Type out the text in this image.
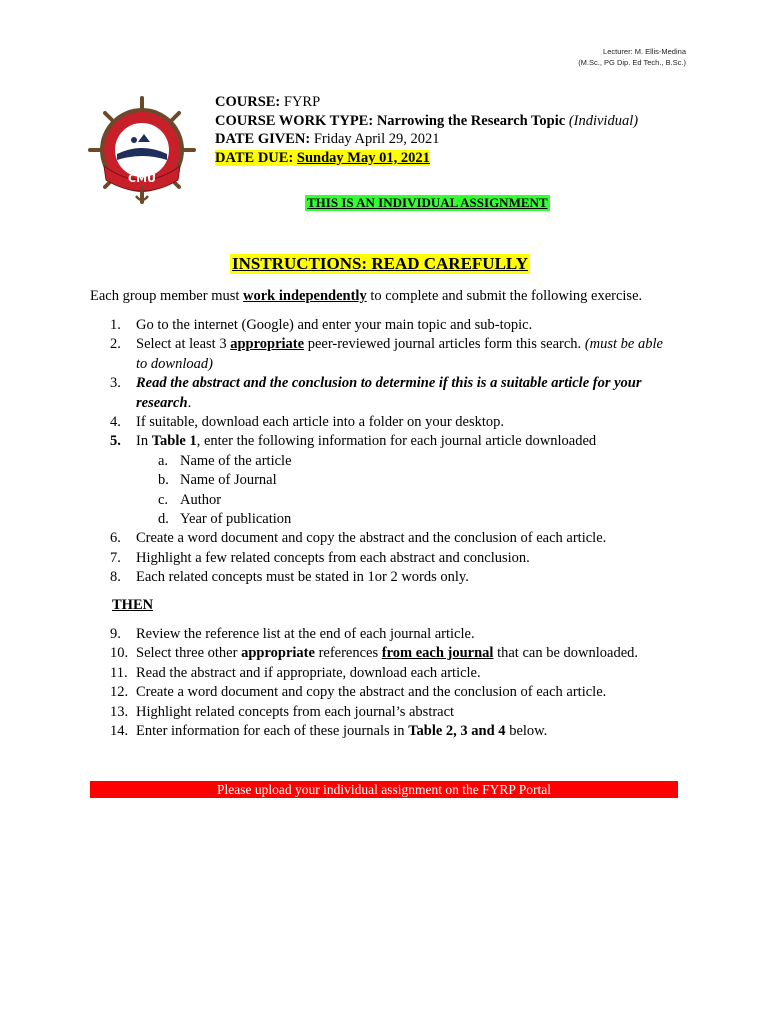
Lecturer: M. Ellis-Medina
(M.Sc., PG Dip. Ed Tech., B.Sc.)
CMU
COURSE: FYRP
COURSE WORK TYPE: Narrowing the Research Topic (Individual)
DATE GIVEN: Friday April 29, 2021
DATE DUE: Sunday May 01, 2021
THIS IS AN INDIVIDUAL ASSIGNMENT
INSTRUCTIONS: READ CAREFULLY
Each group member must work independently to complete and submit the following exercise.
1.	Go to the internet (Google) and enter your main topic and sub-topic.
2.	Select at least 3 appropriate peer-reviewed journal articles form this search. (must be able to download)
3.	Read the abstract and the conclusion to determine if this is a suitable article for your research.
4.	If suitable, download each article into a folder on your desktop.
5.	In Table 1, enter the following information for each journal article downloaded
a. Name of the article
b. Name of Journal
c. Author
d. Year of publication
6.	Create a word document and copy the abstract and the conclusion of each article.
7.	Highlight a few related concepts from each abstract and conclusion.
8.	Each related concepts must be stated in 1or 2 words only.
THEN
9.	Review the reference list at the end of each journal article.
10. Select three other appropriate references from each journal that can be downloaded.
11. Read the abstract and if appropriate, download each article.
12. Create a word document and copy the abstract and the conclusion of each article.
13. Highlight related concepts from each journal’s abstract
14. Enter information for each of these journals in Table 2, 3 and 4 below.
Please upload your individual assignment on the FYRP Portal
